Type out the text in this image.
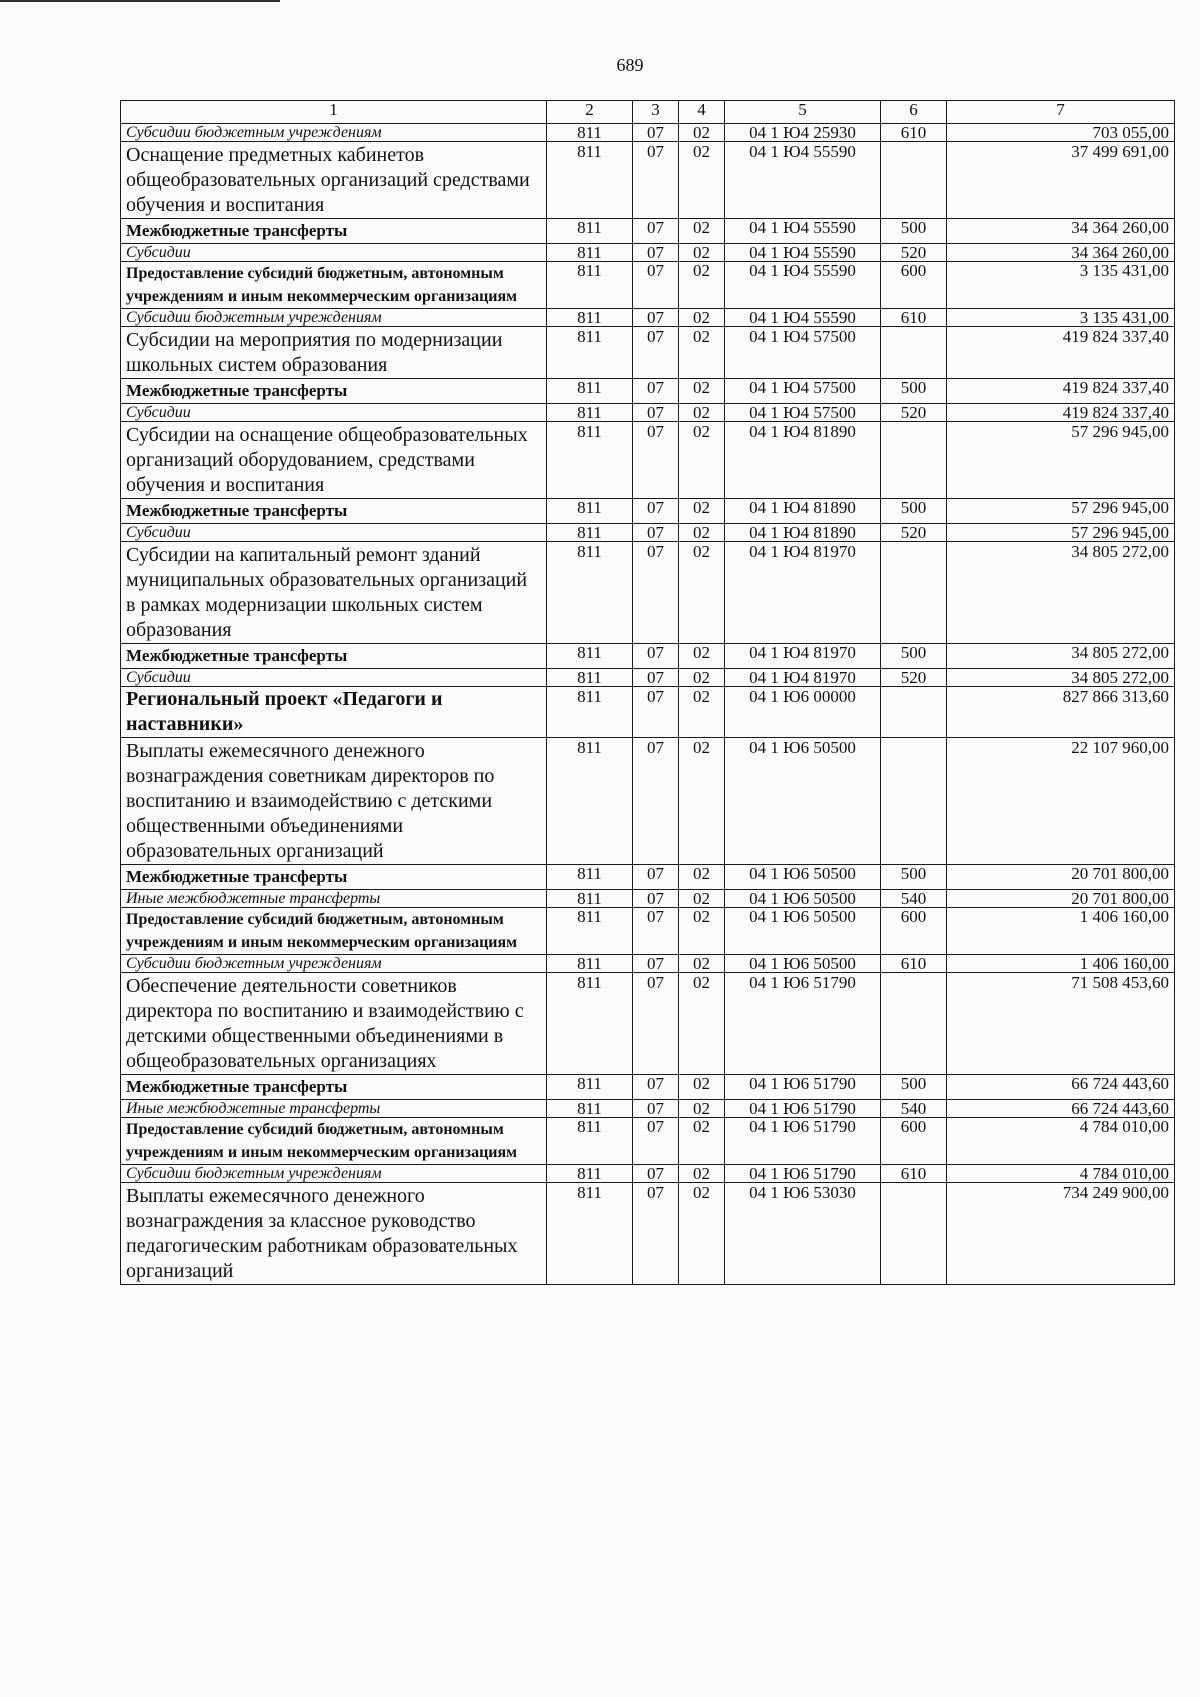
689
1	2	3	4	5	6	7
Субсидии бюджетным учреждениям	811	07	02	04 1 Ю4 25930	610	703 055,00
Оснащение предметных кабинетов общеобразовательных организаций средствами обучения и воспитания	811	07	02	04 1 Ю4 55590		37 499 691,00
Межбюджетные трансферты	811	07	02	04 1 Ю4 55590	500	34 364 260,00
Субсидии	811	07	02	04 1 Ю4 55590	520	34 364 260,00
Предоставление субсидий бюджетным, автономным учреждениям и иным некоммерческим организациям	811	07	02	04 1 Ю4 55590	600	3 135 431,00
Субсидии бюджетным учреждениям	811	07	02	04 1 Ю4 55590	610	3 135 431,00
Субсидии на мероприятия по модернизации школьных систем образования	811	07	02	04 1 Ю4 57500		419 824 337,40
Межбюджетные трансферты	811	07	02	04 1 Ю4 57500	500	419 824 337,40
Субсидии	811	07	02	04 1 Ю4 57500	520	419 824 337,40
Субсидии на оснащение общеобразовательных организаций оборудованием, средствами обучения и воспитания	811	07	02	04 1 Ю4 81890		57 296 945,00
Межбюджетные трансферты	811	07	02	04 1 Ю4 81890	500	57 296 945,00
Субсидии	811	07	02	04 1 Ю4 81890	520	57 296 945,00
Субсидии на капитальный ремонт зданий муниципальных образовательных организаций в рамках модернизации школьных систем образования	811	07	02	04 1 Ю4 81970		34 805 272,00
Межбюджетные трансферты	811	07	02	04 1 Ю4 81970	500	34 805 272,00
Субсидии	811	07	02	04 1 Ю4 81970	520	34 805 272,00
Региональный проект «Педагоги и наставники»	811	07	02	04 1 Ю6 00000		827 866 313,60
Выплаты ежемесячного денежного вознаграждения советникам директоров по воспитанию и взаимодействию с детскими общественными объединениями образовательных организаций	811	07	02	04 1 Ю6 50500		22 107 960,00
Межбюджетные трансферты	811	07	02	04 1 Ю6 50500	500	20 701 800,00
Иные межбюджетные трансферты	811	07	02	04 1 Ю6 50500	540	20 701 800,00
Предоставление субсидий бюджетным, автономным учреждениям и иным некоммерческим организациям	811	07	02	04 1 Ю6 50500	600	1 406 160,00
Субсидии бюджетным учреждениям	811	07	02	04 1 Ю6 50500	610	1 406 160,00
Обеспечение деятельности советников директора по воспитанию и взаимодействию с детскими общественными объединениями в общеобразовательных организациях	811	07	02	04 1 Ю6 51790		71 508 453,60
Межбюджетные трансферты	811	07	02	04 1 Ю6 51790	500	66 724 443,60
Иные межбюджетные трансферты	811	07	02	04 1 Ю6 51790	540	66 724 443,60
Предоставление субсидий бюджетным, автономным учреждениям и иным некоммерческим организациям	811	07	02	04 1 Ю6 51790	600	4 784 010,00
Субсидии бюджетным учреждениям	811	07	02	04 1 Ю6 51790	610	4 784 010,00
Выплаты ежемесячного денежного вознаграждения за классное руководство педагогическим работникам образовательных организаций	811	07	02	04 1 Ю6 53030		734 249 900,00
